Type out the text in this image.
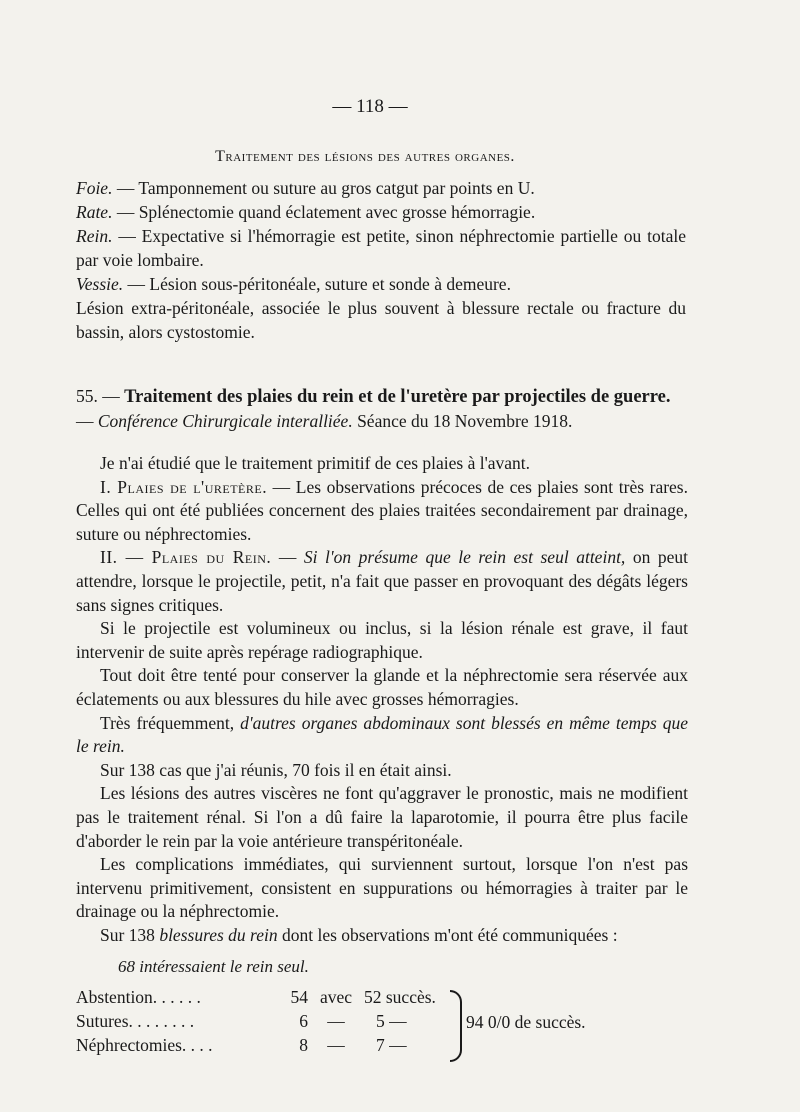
— 118 —
Traitement des lésions des autres organes.

Foie. — Tamponnement ou suture au gros catgut par points en U.

Rate. — Splénectomie quand éclatement avec grosse hémorragie.

Rein. — Expectative si l'hémorragie est petite, sinon néphrectomie partielle ou totale par voie lombaire.

Vessie. — Lésion sous-péritonéale, suture et sonde à demeure.

Lésion extra-péritonéale, associée le plus souvent à blessure rectale ou fracture du bassin, alors cystostomie.

55. — Traitement des plaies du rein et de l'uretère par projectiles de guerre. — Conférence Chirurgicale interalliée. Séance du 18 Novembre 1918.

Je n'ai étudié que le traitement primitif de ces plaies à l'avant.

I. Plaies de l'uretère. — Les observations précoces de ces plaies sont très rares. Celles qui ont été publiées concernent des plaies traitées secondairement par drainage, suture ou néphrectomies.

II. — Plaies du Rein. — Si l'on présume que le rein est seul atteint, on peut attendre, lorsque le projectile, petit, n'a fait que passer en provoquant des dégâts légers sans signes critiques.

Si le projectile est volumineux ou inclus, si la lésion rénale est grave, il faut intervenir de suite après repérage radiographique.

Tout doit être tenté pour conserver la glande et la néphrectomie sera réservée aux éclatements ou aux blessures du hile avec grosses hémorragies.

Très fréquemment, d'autres organes abdominaux sont blessés en même temps que le rein.

Sur 138 cas que j'ai réunis, 70 fois il en était ainsi.

Les lésions des autres viscères ne font qu'aggraver le pronostic, mais ne modifient pas le traitement rénal. Si l'on a dû faire la laparotomie, il pourra être plus facile d'aborder le rein par la voie antérieure transpéritonéale.

Les complications immédiates, qui surviennent surtout, lorsque l'on n'est pas intervenu primitivement, consistent en suppurations ou hémorragies à traiter par le drainage ou la néphrectomie.

Sur 138 blessures du rein dont les observations m'ont été communiquées :

68 intéressaient le rein seul.
Abstention. . . . . .	54	avec	52 succès.
Sutures. . . . . . . .	6	—	5 —
Néphrectomies. . . .	8	—	7 —
94 0/0 de succès.
